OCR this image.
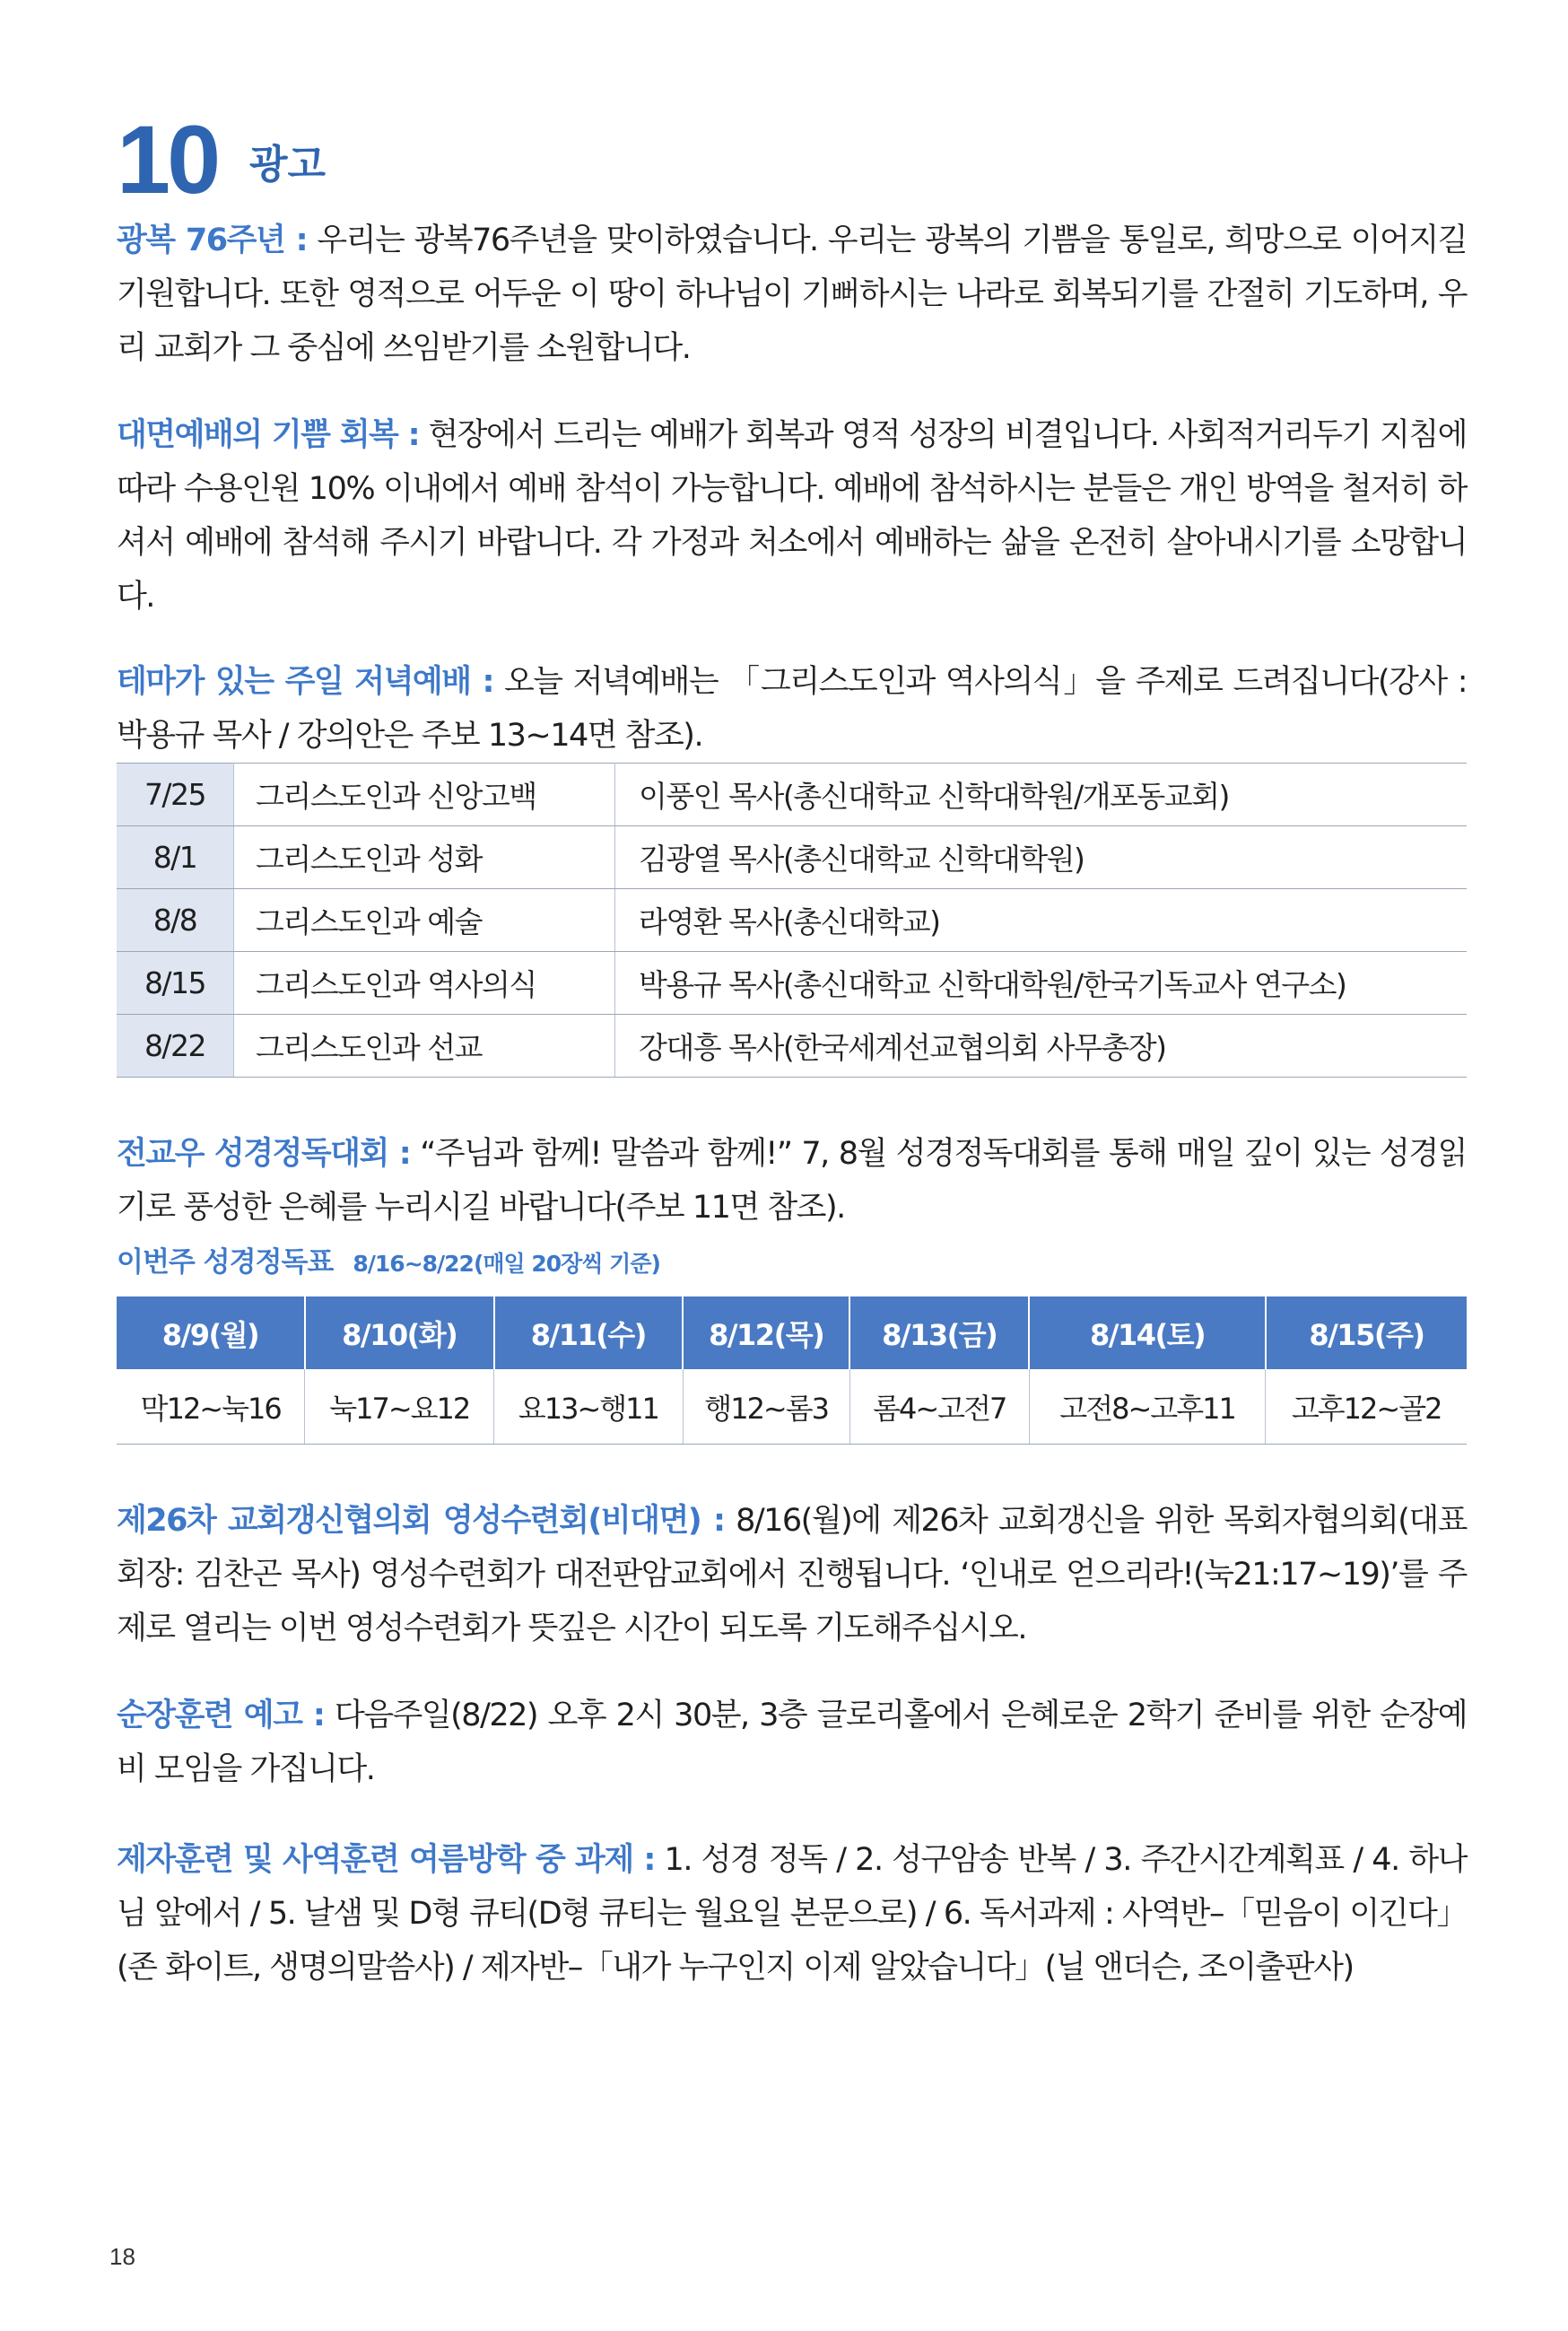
10 광고

광복 76주년 : 우리는 광복76주년을 맞이하였습니다. 우리는 광복의 기쁨을 통일로, 희망으로 이어지길 기원합니다. 또한 영적으로 어두운 이 땅이 하나님이 기뻐하시는 나라로 회복되기를 간절히 기도하며, 우리 교회가 그 중심에 쓰임받기를 소원합니다.

대면예배의 기쁨 회복 : 현장에서 드리는 예배가 회복과 영적 성장의 비결입니다. 사회적거리두기 지침에 따라 수용인원 10% 이내에서 예배 참석이 가능합니다. 예배에 참석하시는 분들은 개인 방역을 철저히 하셔서 예배에 참석해 주시기 바랍니다. 각 가정과 처소에서 예배하는 삶을 온전히 살아내시기를 소망합니다.

테마가 있는 주일 저녁예배 : 오늘 저녁예배는 「그리스도인과 역사의식」을 주제로 드려집니다(강사 : 박용규 목사 / 강의안은 주보 13~14면 참조).

7/25	그리스도인과 신앙고백	이풍인 목사(총신대학교 신학대학원/개포동교회)
8/1	그리스도인과 성화	김광열 목사(총신대학교 신학대학원)
8/8	그리스도인과 예술	라영환 목사(총신대학교)
8/15	그리스도인과 역사의식	박용규 목사(총신대학교 신학대학원/한국기독교사 연구소)
8/22	그리스도인과 선교	강대흥 목사(한국세계선교협의회 사무총장)

전교우 성경정독대회 : “주님과 함께! 말씀과 함께!” 7, 8월 성경정독대회를 통해 매일 깊이 있는 성경읽기로 풍성한 은혜를 누리시길 바랍니다(주보 11면 참조).

이번주 성경정독표 8/16~8/22(매일 20장씩 기준)
8/9(월)	8/10(화)	8/11(수)	8/12(목)	8/13(금)	8/14(토)	8/15(주)
막12~눅16	눅17~요12	요13~행11	행12~롬3	롬4~고전7	고전8~고후11	고후12~골2

제26차 교회갱신협의회 영성수련회(비대면) : 8/16(월)에 제26차 교회갱신을 위한 목회자협의회(대표회장: 김찬곤 목사) 영성수련회가 대전판암교회에서 진행됩니다. ‘인내로 얻으리라!(눅21:17~19)’를 주제로 열리는 이번 영성수련회가 뜻깊은 시간이 되도록 기도해주십시오.

순장훈련 예고 : 다음주일(8/22) 오후 2시 30분, 3층 글로리홀에서 은혜로운 2학기 준비를 위한 순장예비 모임을 가집니다.

제자훈련 및 사역훈련 여름방학 중 과제 : 1. 성경 정독 / 2. 성구암송 반복 / 3. 주간시간계획표 / 4. 하나님 앞에서 / 5. 날샘 및 D형 큐티(D형 큐티는 월요일 본문으로) / 6. 독서과제 : 사역반–「믿음이 이긴다」(존 화이트, 생명의말씀사) / 제자반–「내가 누구인지 이제 알았습니다」(닐 앤더슨, 조이출판사)

18
